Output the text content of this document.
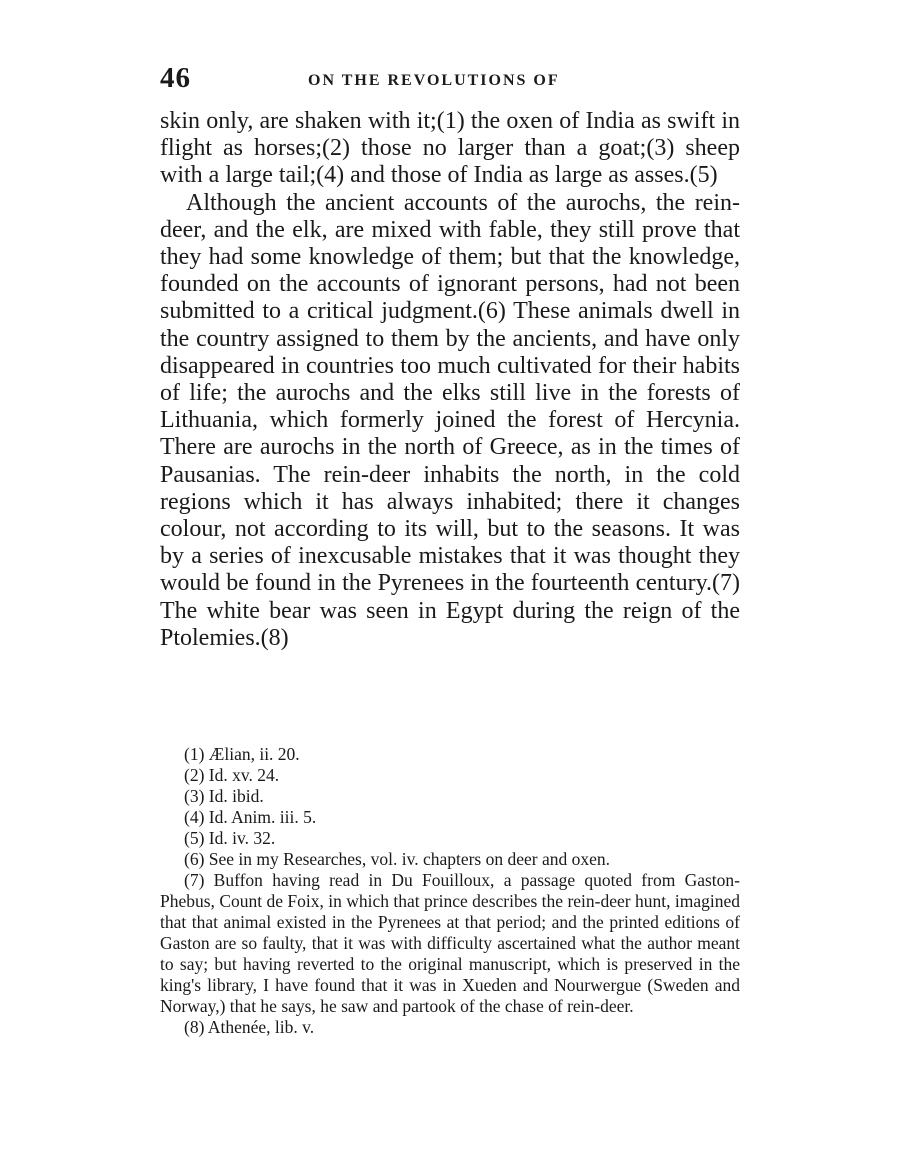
46	ON THE REVOLUTIONS OF

skin only, are shaken with it;(1) the oxen of India as swift in flight as horses;(2) those no larger than a goat;(3) sheep with a large tail;(4) and those of India as large as asses.(5)

Although the ancient accounts of the aurochs, the rein-deer, and the elk, are mixed with fable, they still prove that they had some knowledge of them; but that the knowledge, founded on the accounts of ignorant persons, had not been submitted to a critical judgment.(6) These animals dwell in the country assigned to them by the ancients, and have only disappeared in countries too much cultivated for their habits of life; the aurochs and the elks still live in the forests of Lithuania, which formerly joined the forest of Hercynia. There are aurochs in the north of Greece, as in the times of Pausanias. The rein-deer inhabits the north, in the cold regions which it has always inhabited; there it changes colour, not according to its will, but to the seasons. It was by a series of inexcusable mistakes that it was thought they would be found in the Pyrenees in the fourteenth century.(7) The white bear was seen in Egypt during the reign of the Ptolemies.(8)

(1) Ælian, ii. 20.

(2) Id. xv. 24.

(3) Id. ibid.

(4) Id. Anim. iii. 5.

(5) Id. iv. 32.

(6) See in my Researches, vol. iv. chapters on deer and oxen.

(7) Buffon having read in Du Fouilloux, a passage quoted from Gaston-Phebus, Count de Foix, in which that prince describes the rein-deer hunt, imagined that that animal existed in the Pyrenees at that period; and the printed editions of Gaston are so faulty, that it was with difficulty ascertained what the author meant to say; but having reverted to the original manuscript, which is preserved in the king's library, I have found that it was in Xueden and Nourwergue (Sweden and Norway,) that he says, he saw and partook of the chase of rein-deer.

(8) Athenée, lib. v.
